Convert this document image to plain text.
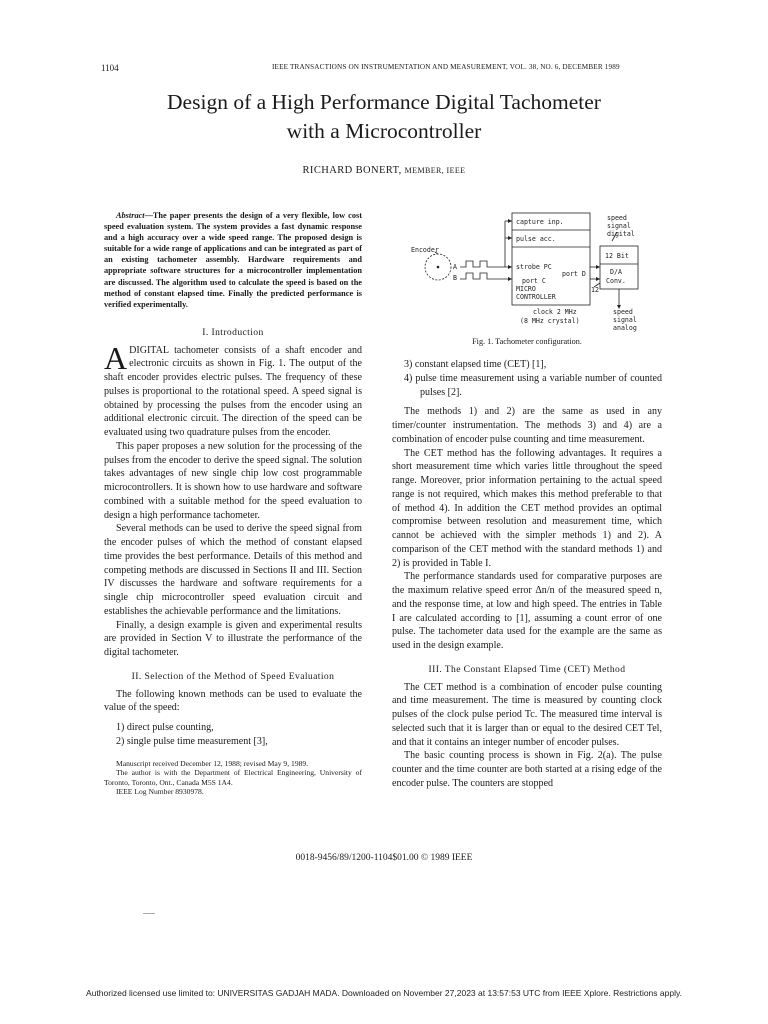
1104	IEEE TRANSACTIONS ON INSTRUMENTATION AND MEASUREMENT, VOL. 38, NO. 6, DECEMBER 1989
Design of a High Performance Digital Tachometer
with a Microcontroller
RICHARD BONERT, MEMBER, IEEE

Abstract—The paper presents the design of a very flexible, low cost speed evaluation system. The system provides a fast dynamic response and a high accuracy over a wide speed range. The proposed design is suitable for a wide range of applications and can be integrated as part of an existing tachometer assembly. Hardware requirements and appropriate software structures for a microcontroller implementation are discussed. The algorithm used to calculate the speed is based on the method of constant elapsed time. Finally the predicted performance is verified experimentally.

I. Introduction

ADIGITAL tachometer consists of a shaft encoder and electronic circuits as shown in Fig. 1. The output of the shaft encoder provides electric pulses. The frequency of these pulses is proportional to the rotational speed. A speed signal is obtained by processing the pulses from the encoder using an additional electronic circuit. The direction of the speed can be evaluated using two quadrature pulses from the encoder.

This paper proposes a new solution for the processing of the pulses from the encoder to derive the speed signal. The solution takes advantages of new single chip low cost programmable microcontrollers. It is shown how to use hardware and software combined with a suitable method for the speed evaluation to design a high performance tachometer.

Several methods can be used to derive the speed signal from the encoder pulses of which the method of constant elapsed time provides the best performance. Details of this method and competing methods are discussed in Sections II and III. Section IV discusses the hardware and software requirements for a single chip microcontroller speed evaluation circuit and establishes the achievable performance and the limitations.

Finally, a design example is given and experimental results are provided in Section V to illustrate the performance of the digital tachometer.

II. Selection of the Method of Speed Evaluation

The following known methods can be used to evaluate the value of the speed:

1) direct pulse counting,
2) single pulse time measurement [3],

Manuscript received December 12, 1988; revised May 9, 1989.

The author is with the Department of Electrical Engineering, University of Toronto, Toronto, Ont., Canada M5S 1A4.

IEEE Log Number 8930978.

capture inp.
pulse acc.
strobe PC
port D
port C
MICRO
CONTROLLER
Encoder
A
B
12 Bit
D/A
Conv.
12
clock 2 MHz
(8 MHz crystal)
speed
signal
digital
speed
signal
analog
Fig. 1. Tachometer configuration.
3) constant elapsed time (CET) [1],
4) pulse time measurement using a variable number of counted pulses [2].

The methods 1) and 2) are the same as used in any timer/counter instrumentation. The methods 3) and 4) are a combination of encoder pulse counting and time measurement.

The CET method has the following advantages. It requires a short measurement time which varies little throughout the speed range. Moreover, prior information pertaining to the actual speed range is not required, which makes this method preferable to that of method 4). In addition the CET method provides an optimal compromise between resolution and measurement time, which cannot be achieved with the simpler methods 1) and 2). A comparison of the CET method with the standard methods 1) and 2) is provided in Table I.

The performance standards used for comparative purposes are the maximum relative speed error Δn/n of the measured speed n, and the response time, at low and high speed. The entries in Table I are calculated according to [1], assuming a count error of one pulse. The tachometer data used for the example are the same as used in the design example.

III. The Constant Elapsed Time (CET) Method

The CET method is a combination of encoder pulse counting and time measurement. The time is measured by counting clock pulses of the clock pulse period Tc. The measured time interval is selected such that it is larger than or equal to the desired CET Tel, and that it contains an integer number of encoder pulses.

The basic counting process is shown in Fig. 2(a). The pulse counter and the time counter are both started at a rising edge of the encoder pulse. The counters are stopped

0018-9456/89/1200-1104$01.00 © 1989 IEEE
Authorized licensed use limited to: UNIVERSITAS GADJAH MADA. Downloaded on November 27,2023 at 13:57:53 UTC from IEEE Xplore. Restrictions apply.
